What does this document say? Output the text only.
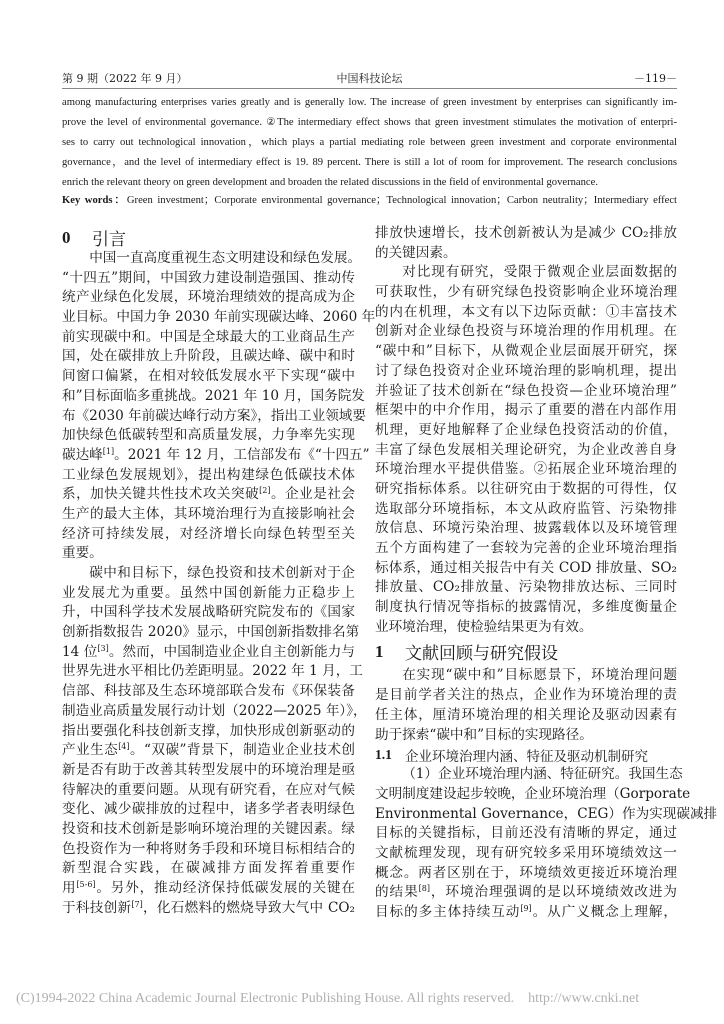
第 9 期（2022 年 9 月）	中国科技论坛	－119－
among manufacturing enterprises varies greatly and is generally low. The increase of green investment by enterprises can significantly im-
prove the level of environmental governance. ②The intermediary effect shows that green investment stimulates the motivation of enterpri-
ses to carry out technological innovation，which plays a partial mediating role between green investment and corporate environmental
governance，and the level of intermediary effect is 19. 89 percent. There is still a lot of room for improvement. The research conclusions
enrich the relevant theory on green development and broaden the related discussions in the field of environmental governance.
Key words：Green investment；Corporate environmental governance；Technological innovation；Carbon neutrality；Intermediary effect
0	引言
中国一直高度重视生态文明建设和绿色发展。
“十四五”期间，中国致力建设制造强国、推动传
统产业绿色化发展，环境治理绩效的提高成为企
业目标。中国力争 2030 年前实现碳达峰、2060 年
前实现碳中和。中国是全球最大的工业商品生产
国，处在碳排放上升阶段，且碳达峰、碳中和时
间窗口偏紧，在相对较低发展水平下实现“碳中
和”目标面临多重挑战。2021 年 10 月，国务院发
布《2030 年前碳达峰行动方案》，指出工业领域要
加快绿色低碳转型和高质量发展，力争率先实现
碳达峰[1]。2021 年 12 月，工信部发布《“十四五”
工业绿色发展规划》，提出构建绿色低碳技术体
系，加快关键共性技术攻关突破[2]。企业是社会
生产的最大主体，其环境治理行为直接影响社会
经济可持续发展，对经济增长向绿色转型至关
重要。
碳中和目标下，绿色投资和技术创新对于企
业发展尤为重要。虽然中国创新能力正稳步上
升，中国科学技术发展战略研究院发布的《国家
创新指数报告 2020》显示，中国创新指数排名第
14 位[3]。然而，中国制造业企业自主创新能力与
世界先进水平相比仍差距明显。2022 年 1 月，工
信部、科技部及生态环境部联合发布《环保装备
制造业高质量发展行动计划（2022—2025 年）》，
指出要强化科技创新支撑，加快形成创新驱动的
产业生态[4]。“双碳”背景下，制造业企业技术创
新是否有助于改善其转型发展中的环境治理是亟
待解决的重要问题。从现有研究看，在应对气候
变化、减少碳排放的过程中，诸多学者表明绿色
投资和技术创新是影响环境治理的关键因素。绿
色投资作为一种将财务手段和环境目标相结合的
新型混合实践，在碳减排方面发挥着重要作
用[5-6]。另外，推动经济保持低碳发展的关键在
于科技创新[7]，化石燃料的燃烧导致大气中 CO₂
排放快速增长，技术创新被认为是减少 CO₂排放
的关键因素。
对比现有研究，受限于微观企业层面数据的
可获取性，少有研究绿色投资影响企业环境治理
的内在机理，本文有以下边际贡献：①丰富技术
创新对企业绿色投资与环境治理的作用机理。在
“碳中和”目标下，从微观企业层面展开研究，探
讨了绿色投资对企业环境治理的影响机理，提出
并验证了技术创新在“绿色投资—企业环境治理”
框架中的中介作用，揭示了重要的潜在内部作用
机理，更好地解释了企业绿色投资活动的价值，
丰富了绿色发展相关理论研究，为企业改善自身
环境治理水平提供借鉴。②拓展企业环境治理的
研究指标体系。以往研究由于数据的可得性，仅
选取部分环境指标，本文从政府监管、污染物排
放信息、环境污染治理、披露载体以及环境管理
五个方面构建了一套较为完善的企业环境治理指
标体系，通过相关报告中有关 COD 排放量、SO₂
排放量、CO₂排放量、污染物排放达标、三同时
制度执行情况等指标的披露情况，多维度衡量企
业环境治理，使检验结果更为有效。
1	文献回顾与研究假设
在实现“碳中和”目标愿景下，环境治理问题
是目前学者关注的热点，企业作为环境治理的责
任主体，厘清环境治理的相关理论及驱动因素有
助于探索“碳中和”目标的实现路径。
1.1 企业环境治理内涵、特征及驱动机制研究
（1）企业环境治理内涵、特征研究。我国生态
文明制度建设起步较晚，企业环境治理（Gorporate
Environmental Governance，CEG）作为实现碳减排
目标的关键指标，目前还没有清晰的界定，通过
文献梳理发现，现有研究较多采用环境绩效这一
概念。两者区别在于，环境绩效更接近环境治理
的结果[8]，环境治理强调的是以环境绩效改进为
目标的多主体持续互动[9]。从广义概念上理解，
(C)1994-2022 China Academic Journal Electronic Publishing House. All rights reserved. http://www.cnki.net
